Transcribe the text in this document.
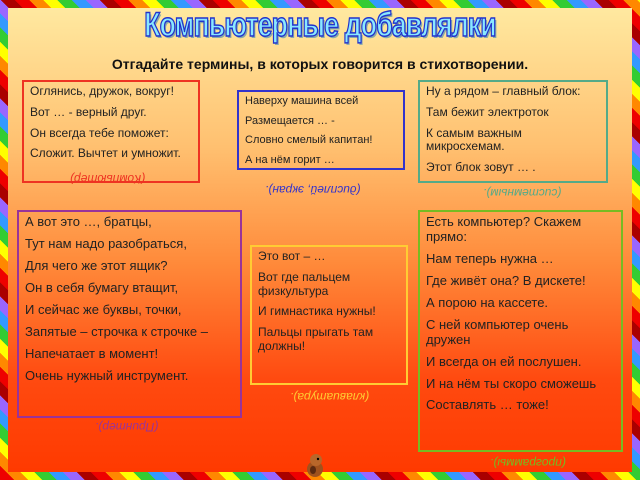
Компьютерные добавлялки
Отгадайте термины, в которых говорится в стихотворении.

Оглянись, дружок, вокруг!

Вот … - верный друг.

Он всегда тебе поможет:

Сложит. Вычтет и умножит.

(Компьютер)

Наверху машина всей

Размещается … -

Словно смелый капитан!

А на нём горит …

(дисплей, экран).

Ну а рядом – главный блок:

Там бежит электроток

К самым важным микросхемам.

Этот блок зовут … .

(системным).

А вот это …, братцы,

Тут нам надо разобраться,

Для чего же этот ящик?

Он в себя бумагу втащит,

И сейчас же буквы, точки,

Запятые – строчка к строчке –

Напечатает в момент!

Очень нужный инструмент.

(Принтер).

Это вот – …

Вот где пальцем физкультура

И гимнастика нужны!

Пальцы прыгать там должны!

(клавиатура).

Есть компьютер? Скажем прямо:

Нам теперь нужна …

Где живёт она? В дискете!

А порою на кассете.

С ней компьютер очень дружен

И всегда он ей послушен.

И на нём ты скоро сможешь

Составлять … тоже!

(программы).
